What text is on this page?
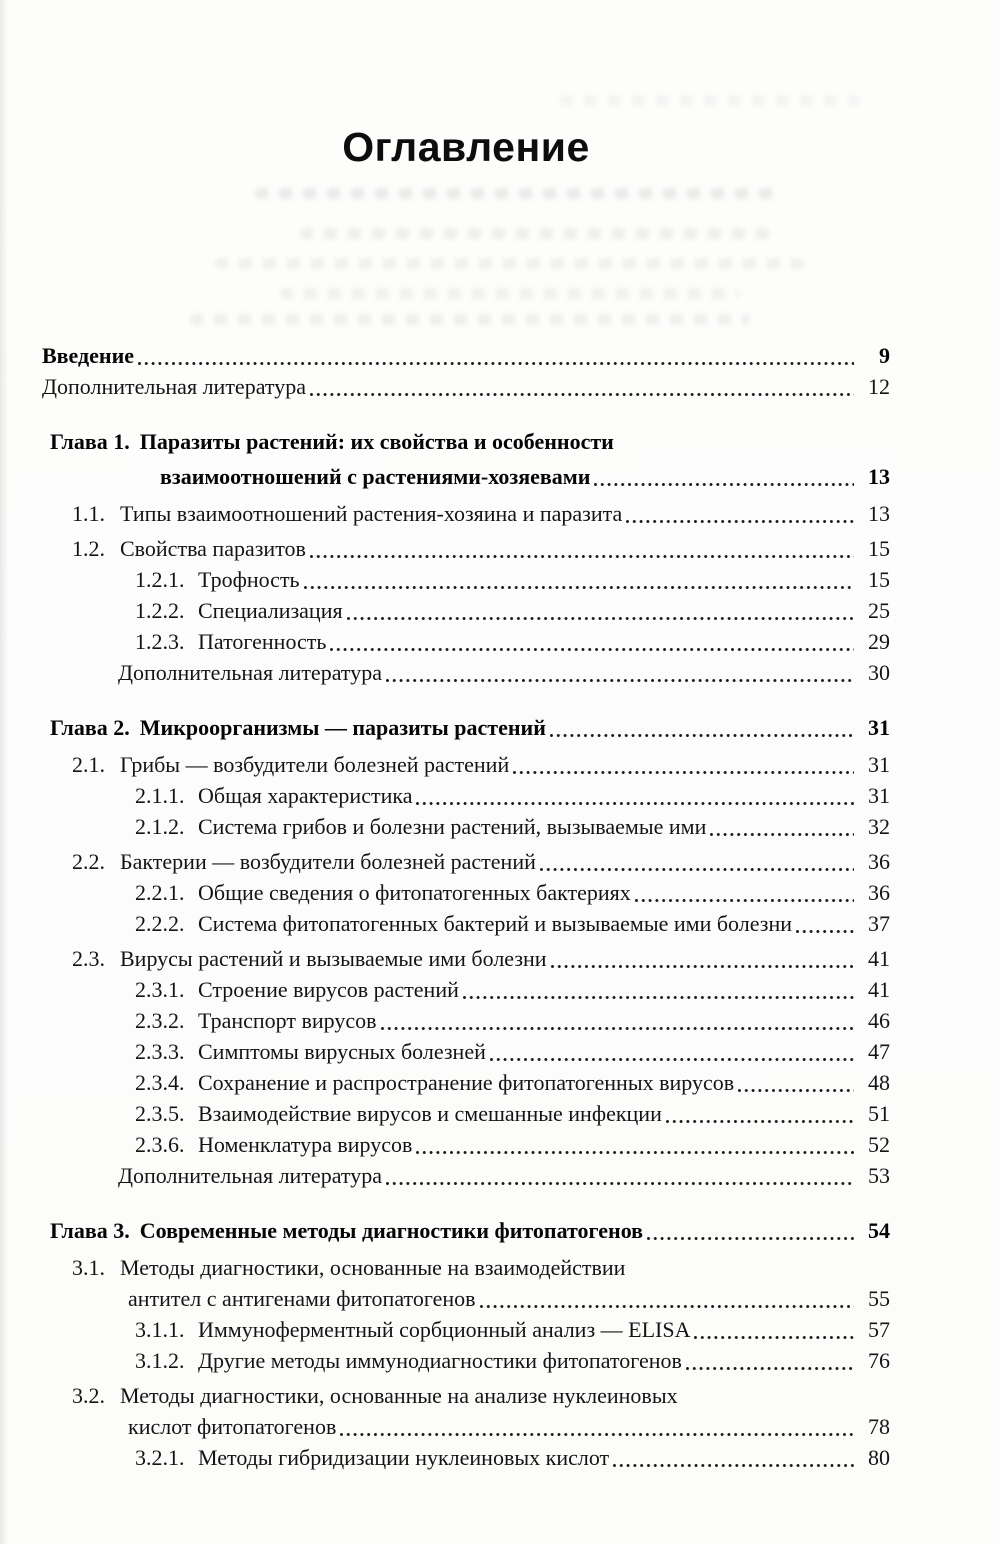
Оглавление
Введение	9
Дополнительная литература	12
Глава 1. Паразиты растений: их свойства и особенности
взаимоотношений с растениями-хозяевами	13
1.1. Типы взаимоотношений растения-хозяина и паразита	13
1.2. Свойства паразитов	15
1.2.1. Трофность	15
1.2.2. Специализация	25
1.2.3. Патогенность	29
Дополнительная литература	30
Глава 2. Микроорганизмы — паразиты растений	31
2.1. Грибы — возбудители болезней растений	31
2.1.1. Общая характеристика	31
2.1.2. Система грибов и болезни растений, вызываемые ими	32
2.2. Бактерии — возбудители болезней растений	36
2.2.1. Общие сведения о фитопатогенных бактериях	36
2.2.2. Система фитопатогенных бактерий и вызываемые ими болезни	37
2.3. Вирусы растений и вызываемые ими болезни	41
2.3.1. Строение вирусов растений	41
2.3.2. Транспорт вирусов	46
2.3.3. Симптомы вирусных болезней	47
2.3.4. Сохранение и распространение фитопатогенных вирусов	48
2.3.5. Взаимодействие вирусов и смешанные инфекции	51
2.3.6. Номенклатура вирусов	52
Дополнительная литература	53
Глава 3. Современные методы диагностики фитопатогенов	54
3.1. Методы диагностики, основанные на взаимодействии
антител с антигенами фитопатогенов	55
3.1.1. Иммуноферментный сорбционный анализ — ELISA	57
3.1.2. Другие методы иммунодиагностики фитопатогенов	76
3.2. Методы диагностики, основанные на анализе нуклеиновых
кислот фитопатогенов	78
3.2.1. Методы гибридизации нуклеиновых кислот	80
